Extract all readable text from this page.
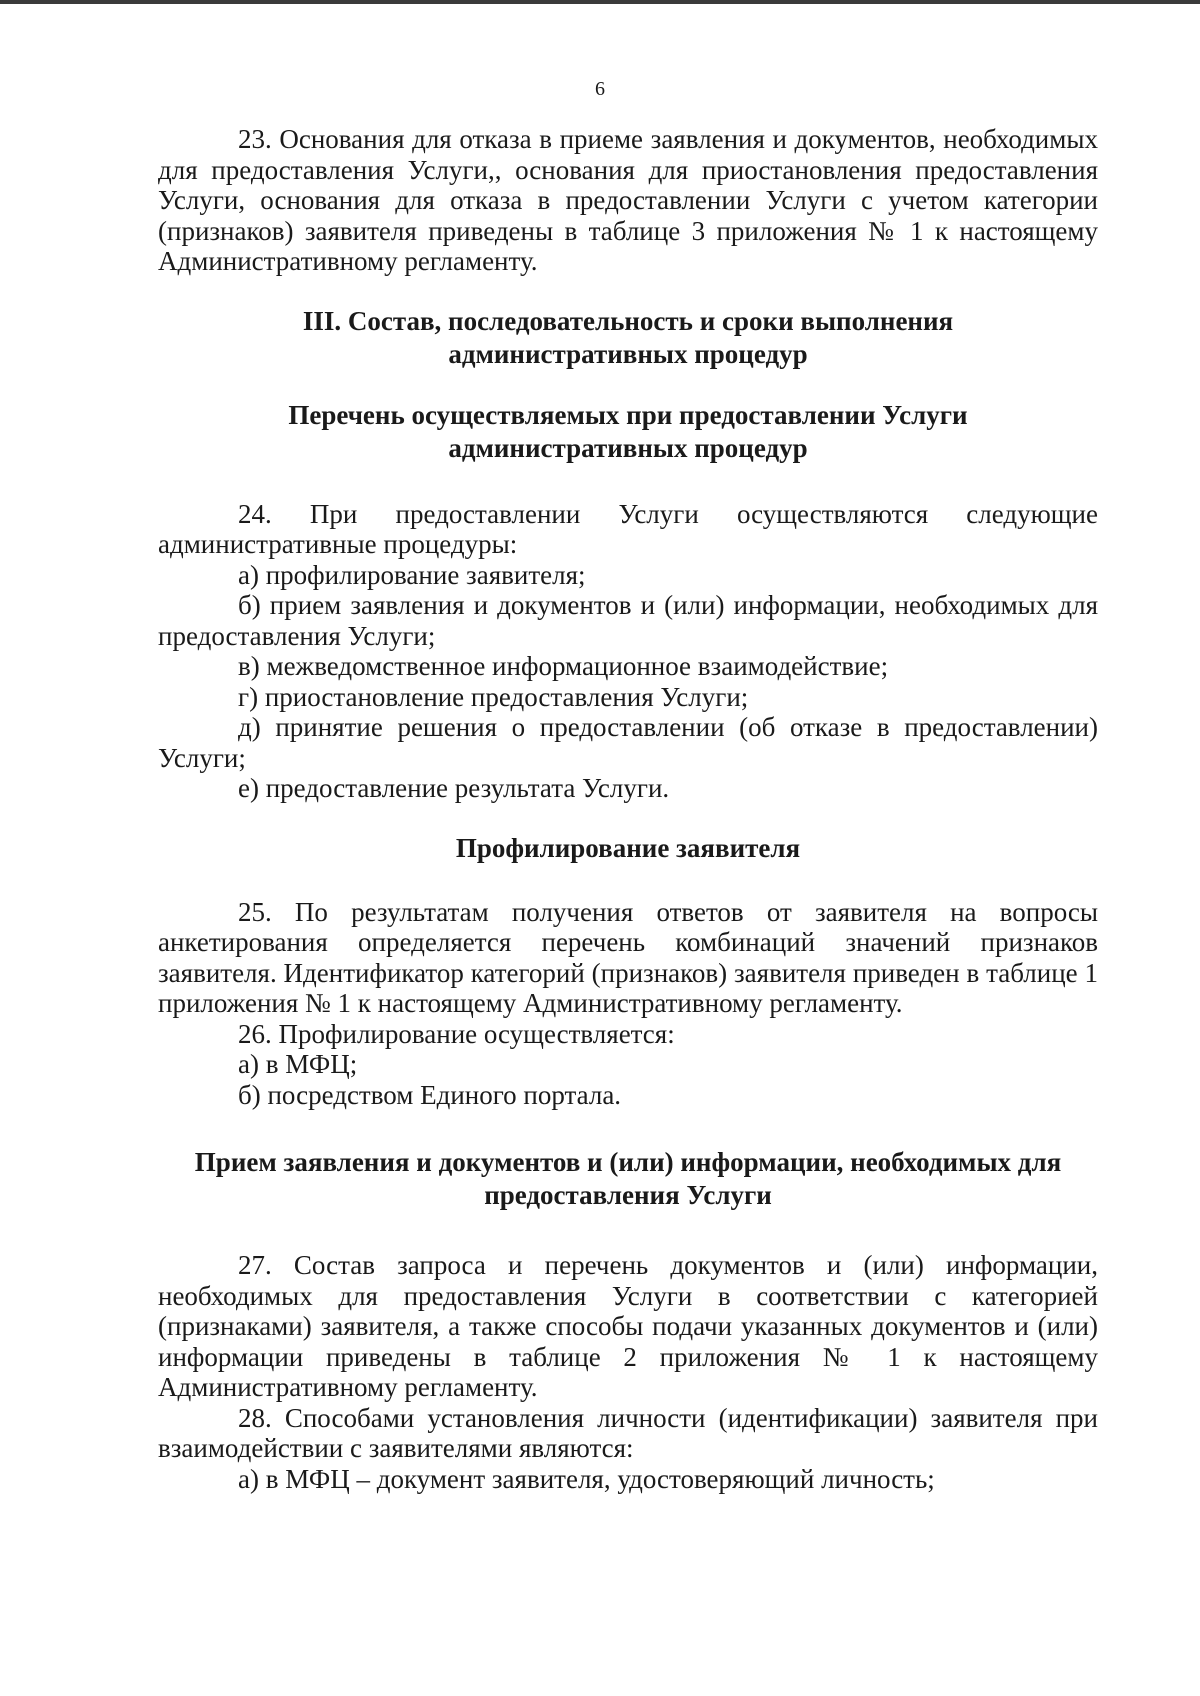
6

23. Основания для отказа в приеме заявления и документов, необходимых для предоставления Услуги,, основания для приостановления предоставления Услуги, основания для отказа в предоставлении Услуги с учетом категории (признаков) заявителя приведены в таблице 3 приложения № 1 к настоящему Административному регламенту.

III. Состав, последовательность и сроки выполнения
административных процедур
Перечень осуществляемых при предоставлении Услуги
административных процедур

24. При предоставлении Услуги осуществляются следующие административные процедуры:

а) профилирование заявителя;

б) прием заявления и документов и (или) информации, необходимых для предоставления Услуги;

в) межведомственное информационное взаимодействие;

г) приостановление предоставления Услуги;

д) принятие решения о предоставлении (об отказе в предоставлении) Услуги;

е) предоставление результата Услуги.

Профилирование заявителя

25. По результатам получения ответов от заявителя на вопросы анкетирования определяется перечень комбинаций значений признаков заявителя. Идентификатор категорий (признаков) заявителя приведен в таблице 1 приложения № 1 к настоящему Административному регламенту.

26. Профилирование осуществляется:

а) в МФЦ;

б) посредством Единого портала.

Прием заявления и документов и (или) информации, необходимых для
предоставления Услуги

27. Состав запроса и перечень документов и (или) информации, необходимых для предоставления Услуги в соответствии с категорией (признаками) заявителя, а также способы подачи указанных документов и (или) информации приведены в таблице 2 приложения № 1 к настоящему Административному регламенту.

28. Способами установления личности (идентификации) заявителя при взаимодействии с заявителями являются:

а) в МФЦ – документ заявителя, удостоверяющий личность;
